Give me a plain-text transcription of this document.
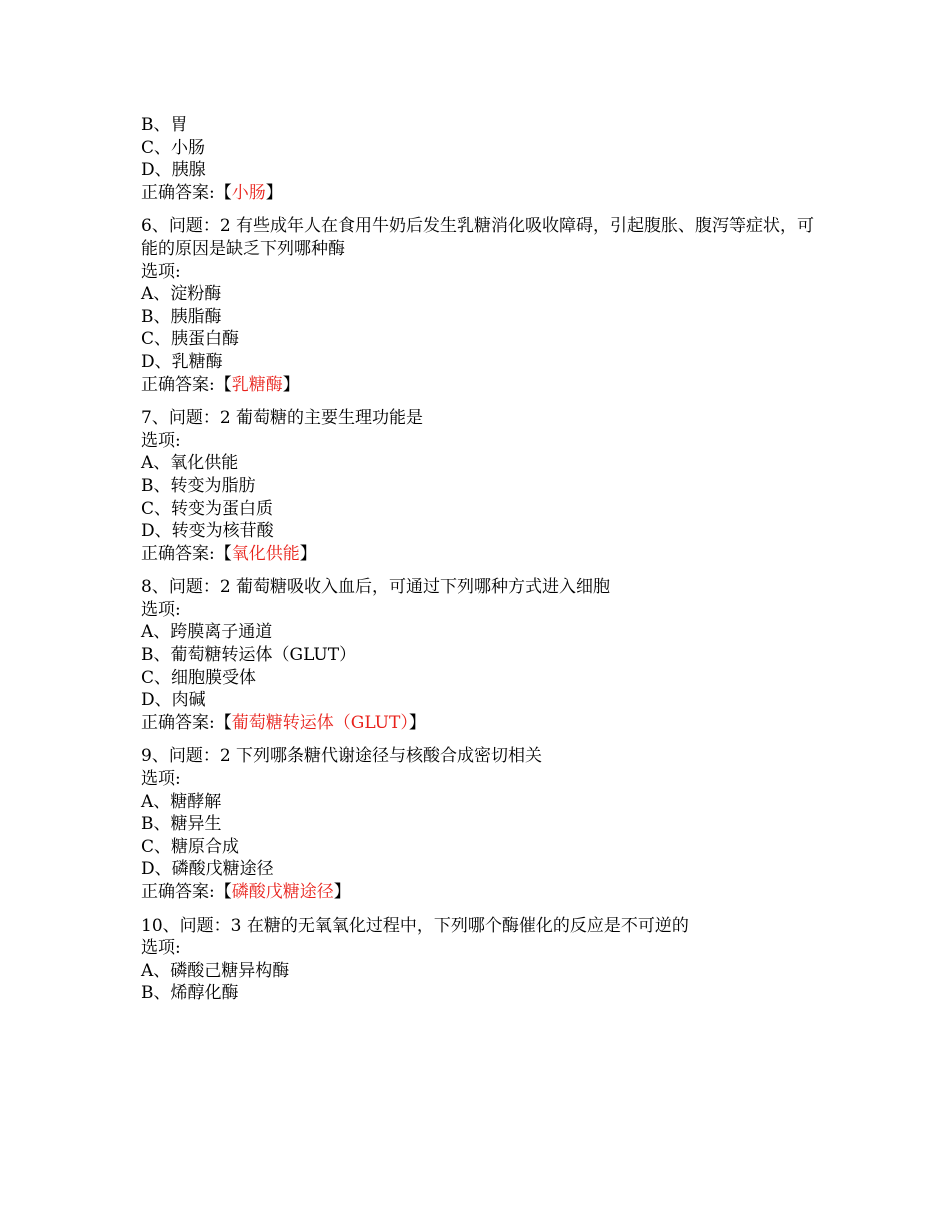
B、胃
C、小肠
D、胰腺
正确答案:【小肠】
6、问题：2 有些成年人在食用牛奶后发生乳糖消化吸收障碍，引起腹胀、腹泻等症状，可能的原因是缺乏下列哪种酶
选项:
A、淀粉酶
B、胰脂酶
C、胰蛋白酶
D、乳糖酶
正确答案:【乳糖酶】
7、问题：2 葡萄糖的主要生理功能是
选项:
A、氧化供能
B、转变为脂肪
C、转变为蛋白质
D、转变为核苷酸
正确答案:【氧化供能】
8、问题：2 葡萄糖吸收入血后，可通过下列哪种方式进入细胞
选项:
A、跨膜离子通道
B、葡萄糖转运体（GLUT）
C、细胞膜受体
D、肉碱
正确答案:【葡萄糖转运体（GLUT）】
9、问题：2 下列哪条糖代谢途径与核酸合成密切相关
选项:
A、糖酵解
B、糖异生
C、糖原合成
D、磷酸戊糖途径
正确答案:【磷酸戊糖途径】
10、问题：3 在糖的无氧氧化过程中，下列哪个酶催化的反应是不可逆的
选项:
A、磷酸己糖异构酶
B、烯醇化酶
